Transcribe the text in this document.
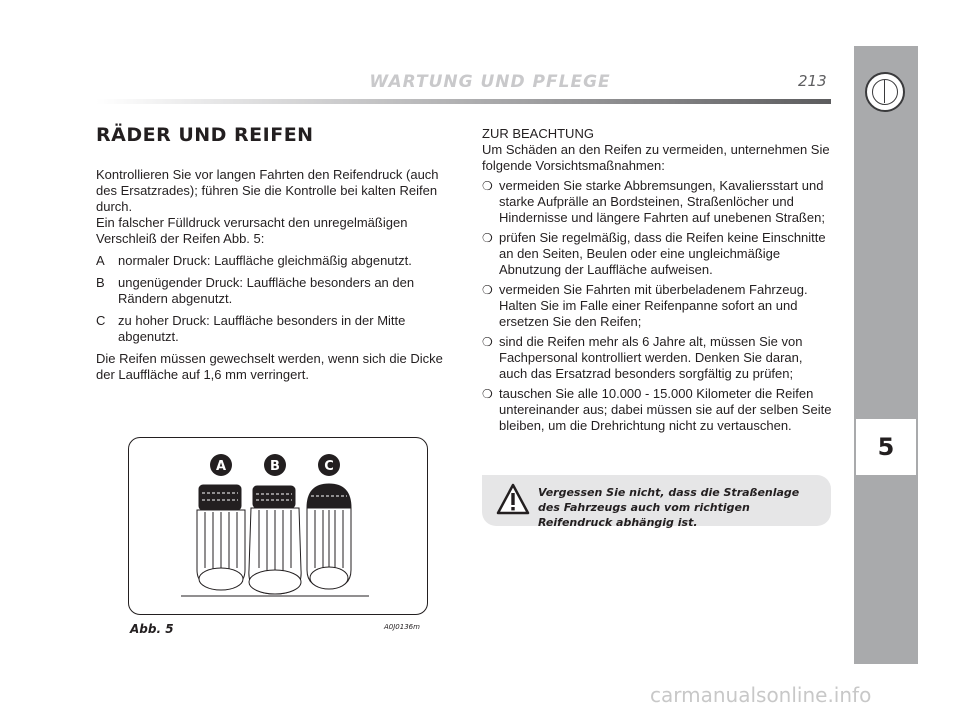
WARTUNG UND PFLEGE	213
5
RÄDER UND REIFEN

Kontrollieren Sie vor langen Fahrten den Reifendruck (auch des Ersatzrades); führen Sie die Kontrolle bei kalten Reifen durch.
Ein falscher Fülldruck verursacht den unregelmäßigen Verschleiß der Reifen Abb. 5:

A	normaler Druck: Lauffläche gleichmäßig abgenutzt.
B	ungenügender Druck: Lauffläche besonders an den Rändern abgenutzt.
C zu hoher Druck: Lauffläche besonders in der Mitte abgenutzt.

Die Reifen müssen gewechselt werden, wenn sich die Dicke der Lauffläche auf 1,6 mm verringert.

A	B	C
Abb. 5	A0J0136m

ZUR BEACHTUNG

Um Schäden an den Reifen zu vermeiden, unternehmen Sie folgende Vorsichtsmaßnahmen:

❍ vermeiden Sie starke Abbremsungen, Kavaliersstart und starke Aufprälle an Bordsteinen, Straßenlöcher und Hindernisse und längere Fahrten auf unebenen Straßen;
❍ prüfen Sie regelmäßig, dass die Reifen keine Einschnitte an den Seiten, Beulen oder eine ungleichmäßige Abnutzung der Lauffläche aufweisen.
❍ vermeiden Sie Fahrten mit überbeladenem Fahrzeug. Halten Sie im Falle einer Reifenpanne sofort an und ersetzen Sie den Reifen;
❍ sind die Reifen mehr als 6 Jahre alt, müssen Sie von Fachpersonal kontrolliert werden. Denken Sie daran, auch das Ersatzrad besonders sorgfältig zu prüfen;
❍ tauschen Sie alle 10.000 - 15.000 Kilometer die Reifen untereinander aus; dabei müssen sie auf der selben Seite bleiben, um die Drehrichtung nicht zu vertauschen.
Vergessen Sie nicht, dass die Straßenlage des Fahrzeugs auch vom richtigen Reifendruck abhängig ist.
carmanualsonline.info
